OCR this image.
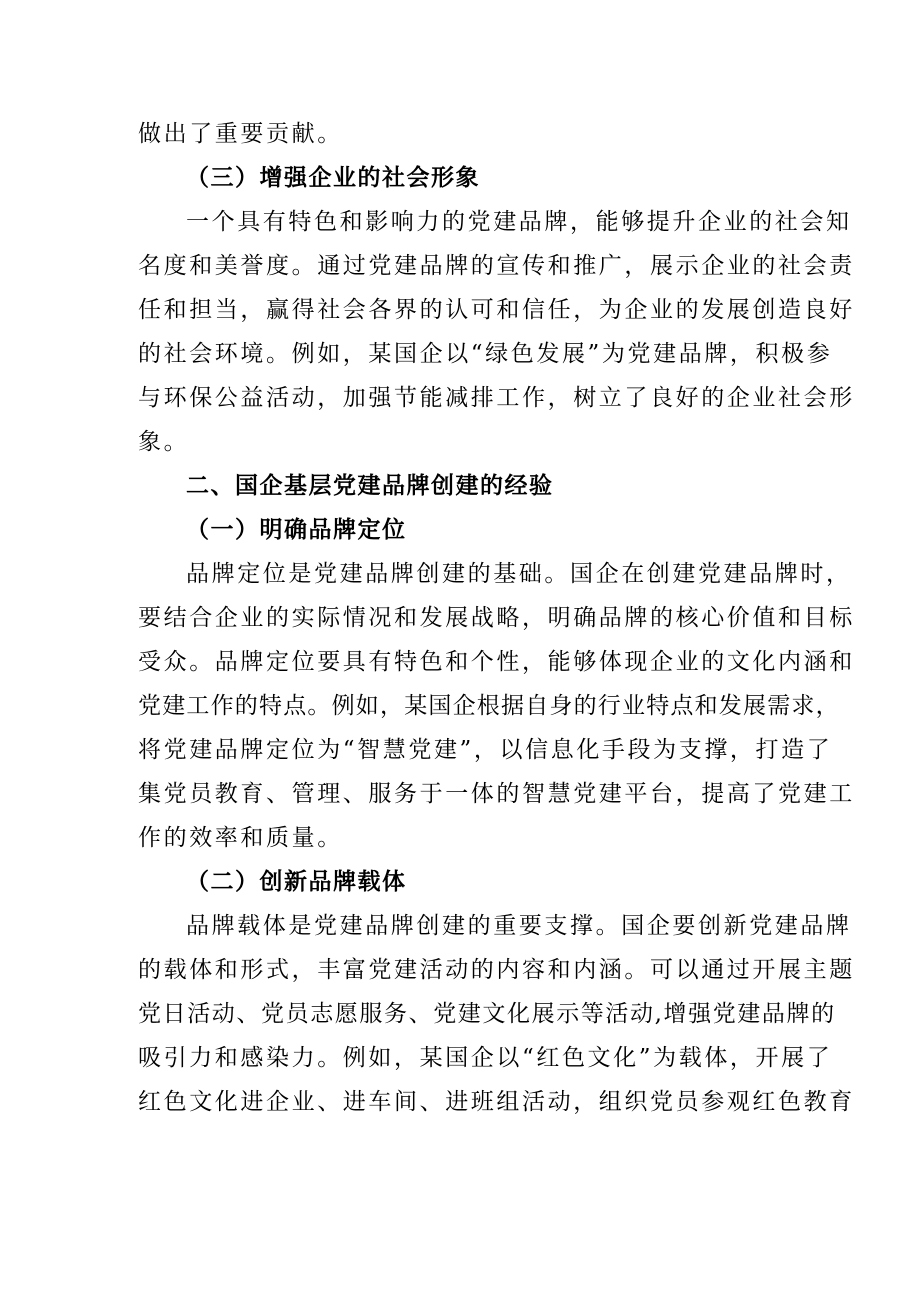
做出了重要贡献。
（三）增强企业的社会形象
一个具有特色和影响力的党建品牌，能够提升企业的社会知
名度和美誉度。通过党建品牌的宣传和推广，展示企业的社会责
任和担当，赢得社会各界的认可和信任，为企业的发展创造良好
的社会环境。例如，某国企以“绿色发展”为党建品牌，积极参
与环保公益活动，加强节能减排工作，树立了良好的企业社会形
象。
二、国企基层党建品牌创建的经验
（一）明确品牌定位
品牌定位是党建品牌创建的基础。国企在创建党建品牌时，
要结合企业的实际情况和发展战略，明确品牌的核心价值和目标
受众。品牌定位要具有特色和个性，能够体现企业的文化内涵和
党建工作的特点。例如，某国企根据自身的行业特点和发展需求，
将党建品牌定位为“智慧党建”，以信息化手段为支撑，打造了
集党员教育、管理、服务于一体的智慧党建平台，提高了党建工
作的效率和质量。
（二）创新品牌载体
品牌载体是党建品牌创建的重要支撑。国企要创新党建品牌
的载体和形式，丰富党建活动的内容和内涵。可以通过开展主题
党日活动、党员志愿服务、党建文化展示等活动,增强党建品牌的
吸引力和感染力。例如，某国企以“红色文化”为载体，开展了
红色文化进企业、进车间、进班组活动，组织党员参观红色教育
